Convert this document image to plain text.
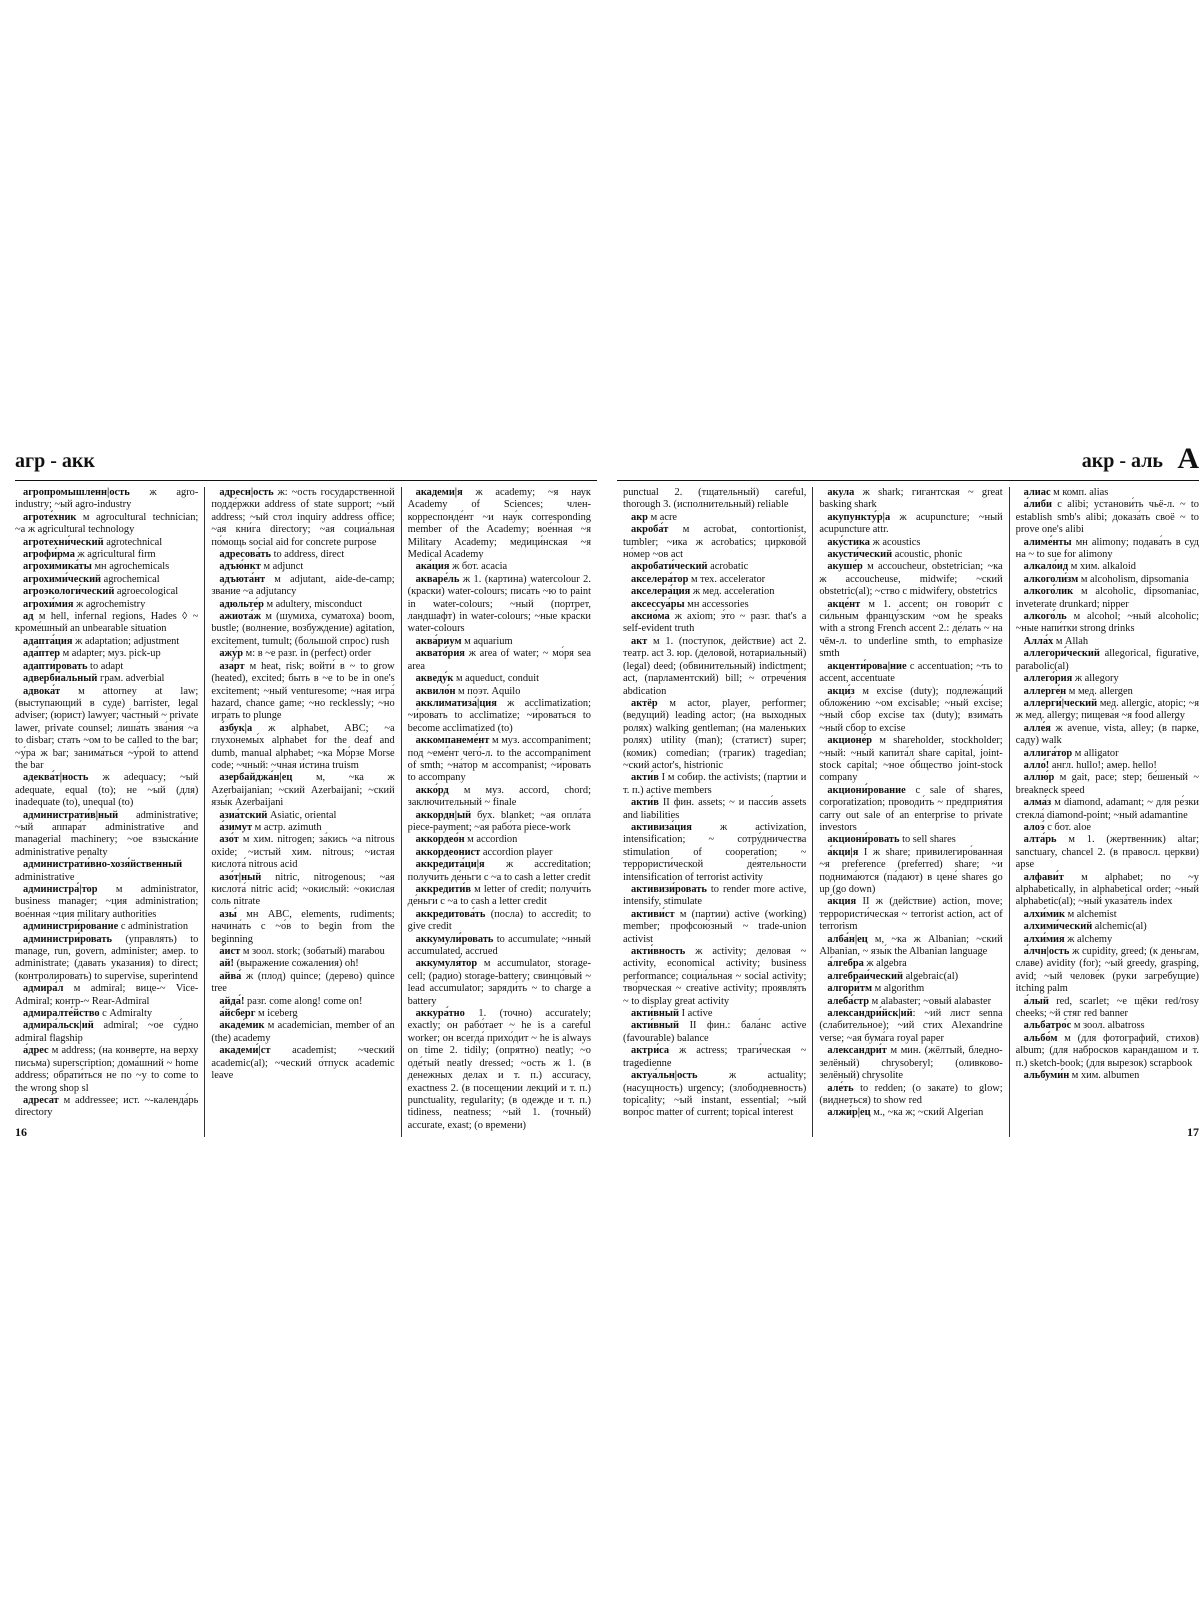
агр - акк

агропромы́шленн|ость ж agro-industry; ~ый agro-industry

агроте́хник м agrocultural technician; ~а ж agricultural technology

агротехни́ческий agrotechnical

агрофи́рма ж agricultural firm

агрохимика́ты мн agrochemicals

агрохими́ческий agrochemical

агроэкологи́ческий agroecological

агрохи́мия ж agrochemistry

ад м hell, infernal regions, Hades ◊ ~ кроме́шный an unbearable situation

адапта́ция ж adaptation; adjustment

ада́птер м adapter; муз. pick-up

адапти́ровать to adapt

адверби́альный грам. adverbial

адвока́т м attorney at law; (выступающий в суде) barrister, legal adviser; (юрист) lawyer; ча́стный ~ private lawer, private counsel; лиша́ть зва́ния ~а to disbar; стать ~ом to be called to the bar; ~у́ра ж bar; занима́ться ~у́рой to attend the bar

адеква́т|ность ж adequacy; ~ый adequate, equal (to); не ~ый (для) inadequate (to), unequal (to)

администрати́в|ный administrative; ~ый аппара́т administrative and managerial machinery; ~ое взыска́ние administrative penalty

администрати́вно-хозя́йственный administrative

администра́|тор м administrator, business manager; ~ция administration; вое́нная ~ция military authorities

администри́рование с administration

администри́ровать (управлять) to manage, run, govern, administer; амер. to administrate; (давать указания) to direct; (контролировать) to supervise, superintend

адмира́л м admiral; вице-~ Vice-Admiral; контр-~ Rear-Admiral

адмиралте́йство с Admiralty

адмира́льск|ий admiral; ~ое су́дно admiral flagship

а́дрес м address; (на конверте, на верху письма) superscription; дома́шний ~ home address; обрати́ться не по ~у to come to the wrong shop sl

адреса́т м addressee; ист. ~-календа́рь directory

а́дресн|ость ж: ~ость госуда́рственной подде́ржки address of state support; ~ый address; ~ый стол inquiry address office; ~ая кни́га directory; ~ая социа́льная по́мощь social aid for concrete purpose

адресова́ть to address, direct

адъю́нкт м adjunct

адъюта́нт м adjutant, aide-de-camp; зва́ние ~а adjutancy

адюльте́р м adultery, misconduct

ажиота́ж м (шумиха, суматоха) boom, bustle; (волнение, возбуждение) agitation, excitement, tumult; (большой спрос) rush

ажу́р м: в ~е разг. in (perfect) order

аза́рт м heat, risk; войти́ в ~ to grow (heated), excited; быть в ~е to be in one's excitement; ~ный venturesome; ~ная игра́ hazard, chance game; ~но recklessly; ~но игра́ть to plunge

а́збук|а ж alphabet, ABC; ~а глухонемы́х alphabet for the deaf and dumb, manual alphabet; ~ка Мо́рзе Morse code; ~чный: ~чная и́стина truism

азербайджа́н|ец м, ~ка ж Azerbaijanian; ~ский Azerbaijani; ~ский язы́к Azerbaijani

азиа́тский Asiatic, oriental

а́зимут м астр. azimuth

азо́т м хим. nitrogen; за́кись ~а nitrous oxide; ~истый хим. nitrous; ~истая кислота́ nitrous acid

азо́т|ный nitric, nitrogenous; ~ая кислота́ nitric acid; ~окислый: ~окислая соль nitrate

азы́ мн ABC, elements, rudiments; начина́ть с ~о́в to begin from the beginning

а́ист м зоол. stork; (зобатый) marabou

ай! (выражение сожаления) oh!

айва́ ж (плод) quince; (дерево) quince tree

айда́! разг. come along! come on!

а́йсберг м iceberg

акаде́мик м academician, member of an (the) academy

академи́|ст academist; ~ческий academic(al); ~ческий о́тпуск academic leave

акаде́ми|я ж academy; ~я нау́к Academy of Sciences; член-корреспонде́нт ~и нау́к corresponding member of the Academy; вое́нная ~я Military Academy; медици́нская ~я Medical Academy

ака́ция ж бот. acacia

акваре́ль ж 1. (картина) watercolour 2. (краски) water-colours; писа́ть ~ю to paint in water-colours; ~ный (портрет, ландшафт) in water-colours; ~ные кра́ски water-colours

аква́риум м aquarium

аквато́рия ж area of water; ~ мо́ря sea area

акведу́к м aqueduct, conduit

аквило́н м поэт. Aquilo

акклиматиза́|ция ж acclimatization; ~и́ровать to acclimatize; ~и́роваться to become acclimatized (to)

аккомпанеме́нт м муз. accompaniment; под ~еме́нт чего́-л. to the accompaniment of smth; ~на́тор м accompanist; ~и́ровать to accompany

акко́рд м муз. accord, chord; заключи́тельный ~ finale

аккордн|ый бух. blanket; ~ая опла́та piece-payment; ~ая рабо́та piece-work

аккордео́н м accordion

аккордеонист accordion player

аккредита́ци|я ж accreditation; получи́ть де́ньги с ~а to cash a letter credit

аккредити́в м letter of credit; получи́ть де́ньги с ~а to cash a letter credit

аккредитова́ть (посла) to accredit; to give credit

аккумули́ровать to accumulate; ~нный accumulated, accrued

аккумуля́тор м accumulator, storage-cell; (радио) storage-battery; свинцо́вый ~ lead accumulator; заряди́ть ~ to charge a battery

аккура́тно 1. (точно) accurately; exactly; он рабо́тает ~ he is a careful worker; он всегда́ прихо́дит ~ he is always on time 2. tidily; (опрятно) neatly; ~о оде́тый neatly dressed; ~ость ж 1. (в денежных делах и т. п.) accuracy, exactness 2. (в посещении лекций и т. п.) punctuality, regularity; (в одежде и т. п.) tidiness, neatness; ~ый 1. (точный) accurate, exast; (о времени)

16
акр - аль А

punctual 2. (тщательный) careful, thorough 3. (исполнительный) reliable

акр м acre

акроба́т м acrobat, contortionist, tumbler; ~ика ж acrobatics; цирково́й но́мер ~ов act

акробати́ческий acrobatic

акселера́тор м тех. accelerator

акселера́ция ж мед. acceleration

аксессуа́ры мн accessories

аксио́ма ж axiom; э́то ~ разг. that's a self-evident truth

акт м 1. (поступок, действие) act 2. театр. act 3. юр. (деловой, нотариальный) (legal) deed; (обвинительный) indictment; act, (парламентский) bill; ~ отрече́ния abdication

актёр м actor, player, performer; (ведущий) leading actor; (на выходных ролях) walking gentleman; (на маленьких ролях) utility (man); (статист) super; (комик) comedian; (трагик) tragedian; ~ский actor's, histrionic

акти́в I м собир. the activists; (партии и т. п.) active members

акти́в II фин. assets; ~ и пасси́в assets and liabilities

активиза́ция ж activization, intensification; ~ сотру́дничества stimulation of cooperation; ~ террористи́ческой де́ятельности intensification of terrorist activity

активизи́ровать to render more active, intensify, stimulate

активи́ст м (партии) active (working) member; профсою́зный ~ trade-union activist

акти́вность ж activity; деловая ~ activity, economical activity; business performance; социа́льная ~ social activity; тво́рческая ~ creative activity; проявля́ть ~ to display great activity

акти́вный I active

акти́вный II фин.: бала́нс active (favourable) balance

актри́са ж actress; траги́ческая ~ tragedienne

актуа́льн|ость ж actuality; (насущность) urgency; (злободневность) topicality; ~ый instant, essential; ~ый вопро́с matter of current; topical interest

аку́ла ж shark; гига́нтская ~ great basking shark

акупункту́р|а ж acupuncture; ~ный acupuncture attr.

аку́стика ж acoustics

акусти́ческий acoustic, phonic

акуше́р м accoucheur, obstetrician; ~ка ж accoucheuse, midwife; ~ский obstetric(al); ~ство с midwifery, obstetrics

акце́нт м 1. accent; он говори́т с си́льным францу́зским ~ом he speaks with a strong French accent 2.: де́лать ~ на чём-л. to underline smth, to emphasize smth

акценти́рова|ние с accentuation; ~ть to accent, accentuate

акци́з м excise (duty); подлежа́щий обложе́нию ~ом excisable; ~ный excise; ~ный сбор excise tax (duty); взима́ть ~ный сбор to excise

акционе́р м shareholder, stockholder; ~ный: ~ный капита́л share capital, joint-stock capital; ~ное о́бщество joint-stock company

акциони́рование с sale of shares, corporatization; проводи́ть ~ предприя́тия carry out sale of an enterprise to private investors

акциони́ровать to sell shares

а́кци|я I ж share; привилегиро́ванная ~я preference (preferred) share; ~и поднима́ются (па́дают) в цене́ shares go up (go down)

а́кция II ж (действие) action, move; террористи́ческая ~ terrorist action, act of terrorism

алба́н|ец м, ~ка ж Albanian; ~ский Albanian, ~ язы́к the Albanian language

а́лгебра ж algebra

алгебраи́ческий algebraic(al)

алгори́тм м algorithm

алеба́стр м alabaster; ~овый alabaster

александри́йск|ий: ~ий лист senna (слабительное); ~ий стих Alexandrine verse; ~ая бума́га royal paper

александри́т м мин. (жёлтый, бледно-зелёный) chrysoberyl; (оливково-зелёный) chrysolite

але́ть to redden; (о закате) to glow; (виднеться) to show red

алжи́р|ец м., ~ка ж; ~ский Algerian

а́лиас м комп. alias

а́либи с alibi; установи́ть чьё-л. ~ to establish smb's alibi; доказа́ть своё ~ to prove one's alibi

алиме́нты мн alimony; подава́ть в суд на ~ to sue for alimony

алкало́ид м хим. alkaloid

алкоголи́зм м alcoholism, dipsomania

алкого́лик м alcoholic, dipsomaniac, inveterate drunkard; nipper

алкого́ль м alcohol; ~ный alcoholic; ~ные напи́тки strong drinks

Алла́х м Allah

аллегори́ческий allegorical, figurative, parabolic(al)

аллего́рия ж allegory

аллерге́н м мед. allergen

аллерги́|ческий мед. allergic, atopic; ~я ж мед. allergy; пищева́я ~я food allergy

алле́я ж avenue, vista, alley; (в парке, саду) walk

аллига́тор м alligator

алло́! англ. hullo!; амер. hello!

аллю́р м gait, pace; step; бе́шеный ~ breakneck speed

алма́з м diamond, adamant; ~ для ре́зки стекла́ diamond-point; ~ный adamantine

алоэ́ с бот. aloe

алта́рь м 1. (жертвенник) altar; sanctuary, chancel 2. (в правосл. церкви) apse

алфави́т м alphabet; no ~у alphabetically, in alphabetical order; ~ный alphabetic(al); ~ный указа́тель index

алхи́мик м alchemist

алхими́ческий alchemic(al)

алхи́мия ж alchemy

а́лчн|ость ж cupidity, greed; (к деньгам, славе) avidity (for); ~ый greedy, grasping, avid; ~ый челове́к (руки загребущие) itching palm

а́лый red, scarlet; ~е щёки red/rosy cheeks; ~й стяг red banner

альбатро́с м зоол. albatross

альбо́м м (для фотографий, стихов) album; (для набросков карандашом и т. п.) sketch-book; (для вырезок) scrapbook

альбуми́н м хим. albumen

17
